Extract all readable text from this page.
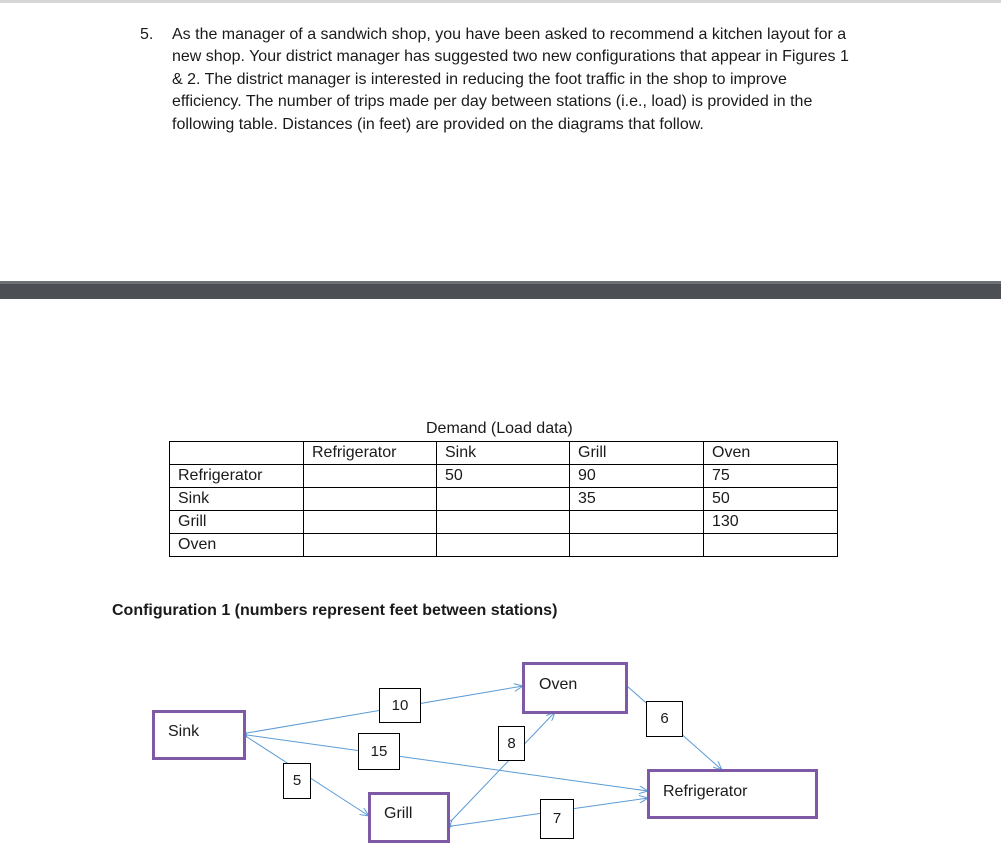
5. As the manager of a sandwich shop, you have been asked to recommend a kitchen layout for a
new shop. Your district manager has suggested two new configurations that appear in Figures 1
& 2. The district manager is interested in reducing the foot traffic in the shop to improve
efficiency. The number of trips made per day between stations (i.e., load) is provided in the
following table. Distances (in feet) are provided on the diagrams that follow.
Demand (Load data)
	Refrigerator	Sink	Grill	Oven
Refrigerator		50	90	75
Sink			35	50
Grill				130
Oven				
Configuration 1 (numbers represent feet between stations)
Sink
Oven
Grill
Refrigerator
10
15
5
8
6
7
